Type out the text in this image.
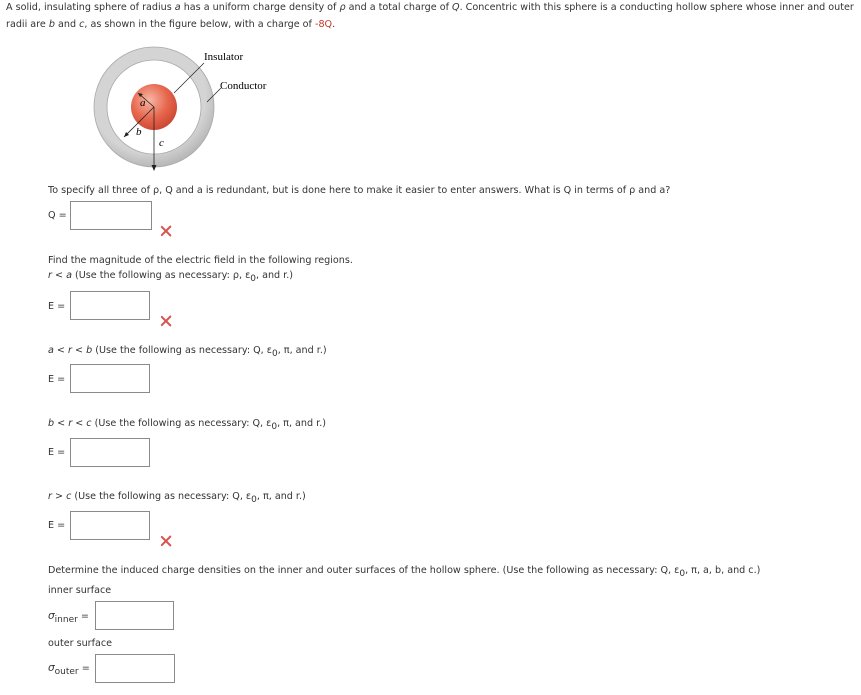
A solid, insulating sphere of radius a has a uniform charge density of ρ and a total charge of Q. Concentric with this sphere is a conducting hollow sphere whose inner and outer radii are b and c, as shown in the figure below, with a charge of -8Q.
a
b
c
Insulator
Conductor
To specify all three of ρ, Q and a is redundant, but is done here to make it easier to enter answers. What is Q in terms of ρ and a?
Q =
Find the magnitude of the electric field in the following regions.
r < a (Use the following as necessary: ρ, ε0, and r.)
E =
a < r < b (Use the following as necessary: Q, ε0, π, and r.)
E =
b < r < c (Use the following as necessary: Q, ε0, π, and r.)
E =
r > c (Use the following as necessary: Q, ε0, π, and r.)
E =
Determine the induced charge densities on the inner and outer surfaces of the hollow sphere. (Use the following as necessary: Q, ε0, π, a, b, and c.)
inner surface
σinner =
outer surface
σouter =
